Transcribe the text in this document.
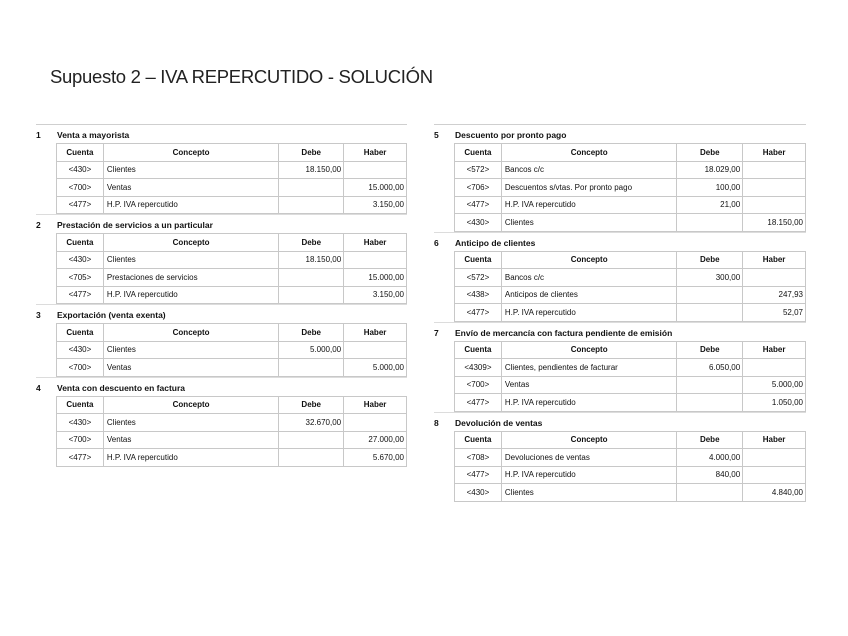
Supuesto 2 – IVA REPERCUTIDO - SOLUCIÓN
1	Venta a mayorista
Cuenta	Concepto	Debe	Haber
<430>	Clientes	18.150,00	
<700>	Ventas		15.000,00
<477>	H.P. IVA repercutido		3.150,00
2	Prestación de servicios a un particular
Cuenta	Concepto	Debe	Haber
<430>	Clientes	18.150,00	
<705>	Prestaciones de servicios		15.000,00
<477>	H.P. IVA repercutido		3.150,00
3	Exportación (venta exenta)
Cuenta	Concepto	Debe	Haber
<430>	Clientes	5.000,00	
<700>	Ventas		5.000,00
4	Venta con descuento en factura
Cuenta	Concepto	Debe	Haber
<430>	Clientes	32.670,00	
<700>	Ventas		27.000,00
<477>	H.P. IVA repercutido		5.670,00
5	Descuento por pronto pago
Cuenta	Concepto	Debe	Haber
<572>	Bancos c/c	18.029,00	
<706>	Descuentos s/vtas. Por pronto pago	100,00	
<477>	H.P. IVA repercutido	21,00	
<430>	Clientes		18.150,00
6	Anticipo de clientes
Cuenta	Concepto	Debe	Haber
<572>	Bancos c/c	300,00	
<438>	Anticipos de clientes		247,93
<477>	H.P. IVA repercutido		52,07
7	Envío de mercancía con factura pendiente de emisión
Cuenta	Concepto	Debe	Haber
<4309>	Clientes, pendientes de facturar	6.050,00	
<700>	Ventas		5.000,00
<477>	H.P. IVA repercutido		1.050,00
8	Devolución de ventas
Cuenta	Concepto	Debe	Haber
<708>	Devoluciones de ventas	4.000,00	
<477>	H.P. IVA repercutido	840,00	
<430>	Clientes		4.840,00
